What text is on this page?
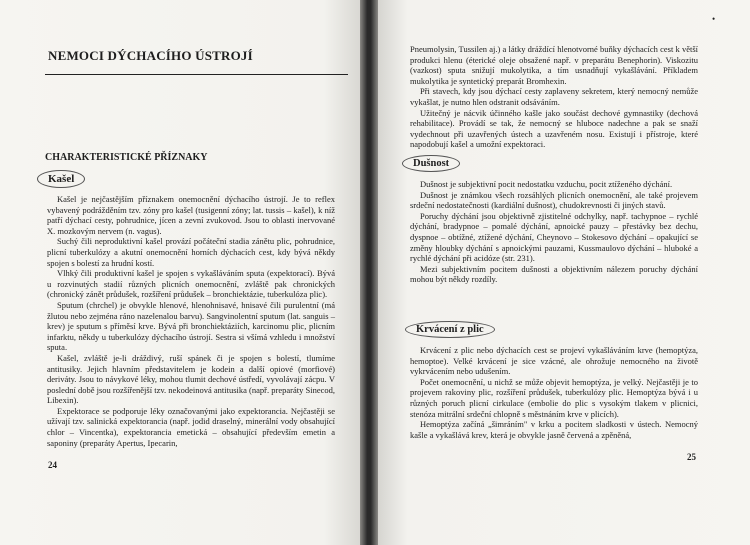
NEMOCI DÝCHACÍHO ÚSTROJÍ
CHARAKTERISTICKÉ PŘÍZNAKY
Kašel

Kašel je nejčastějším příznakem onemocnění dýchacího ústrojí. Je to reflex vybavený podrážděním tzv. zóny pro kašel (tusigenní zóny; lat. tussis – kašel), k níž patří dýchací cesty, pohrudnice, jícen a zevní zvukovod. Jsou to oblasti inervované X. mozkovým nervem (n. vagus).

Suchý čili neproduktivní kašel provází počáteční stadia zánětu plic, pohrudnice, plicní tuberkulózy a akutní onemocnění horních dýchacích cest, kdy bývá někdy spojen s bolestí za hrudní kostí.

Vlhký čili produktivní kašel je spojen s vykašláváním sputa (expektorací). Bývá u rozvinutých stadií různých plicních onemocnění, zvláště pak chronických (chronický zánět průdušek, rozšíření průdušek – bronchiektázie, tuberkulóza plic).

Sputum (chrchel) je obvykle hlenové, hlenohnisavé, hnisavé čili purulentní (má žlutou nebo zejména ráno nazelenalou barvu). Sangvinolentní sputum (lat. sanguis – krev) je sputum s příměsí krve. Bývá při bronchiektáziích, karcinomu plic, plicním infarktu, někdy u tuberkulózy dýchacího ústrojí. Sestra si všímá vzhledu i množství sputa.

Kašel, zvláště je-li dráždivý, ruší spánek či je spojen s bolestí, tlumíme antitusiky. Jejich hlavním představitelem je kodein a další opiové (morfiové) deriváty. Jsou to návykové léky, mohou tlumit dechové ústředí, vyvolávají zácpu. V poslední době jsou rozšířenější tzv. nekodeinová antitusika (např. preparáty Sinecod, Libexin).

Expektorace se podporuje léky označovanými jako expektorancia. Nejčastěji se užívají tzv. salinická expektorancia (např. jodid draselný, minerální vody obsahující chlor – Vincentka), expektorancia emetická – obsahující především emetin a saponiny (preparáty Apertus, Ipecarin,

24
•

Pneumolysin, Tussilen aj.) a látky dráždící hlenotvorné buňky dýchacích cest k větší produkci hlenu (éterické oleje obsažené např. v preparátu Benephorin). Viskozitu (vazkost) sputa snižují mukolytika, a tím usnadňují vykašlávání. Příkladem mukolytika je syntetický preparát Bromhexin.

Při stavech, kdy jsou dýchací cesty zaplaveny sekretem, který nemocný nemůže vykašlat, je nutno hlen odstranit odsáváním.

Užitečný je nácvik účinného kašle jako součást dechové gymnastiky (dechová rehabilitace). Provádí se tak, že nemocný se hluboce nadechne a pak se snaží vydechnout při uzavřených ústech a uzavřeném nosu. Existují i přístroje, které napodobují kašel a umožní expektoraci.

Dušnost

Dušnost je subjektivní pocit nedostatku vzduchu, pocit ztíženého dýchání.

Dušnost je známkou všech rozsáhlých plicních onemocnění, ale také projevem srdeční nedostatečnosti (kardiální dušnost), chudokrevnosti či jiných stavů.

Poruchy dýchání jsou objektivně zjistitelné odchylky, např. tachypnoe – rychlé dýchání, bradypnoe – pomalé dýchání, apnoické pauzy – přestávky bez dechu, dyspnoe – obtížné, ztížené dýchání, Cheynovo – Stokesovo dýchání – opakující se změny hloubky dýchání s apnoickými pauzami, Kussmaulovo dýchání – hluboké a rychlé dýchání při acidóze (str. 231).

Mezi subjektivním pocitem dušnosti a objektivním nálezem poruchy dýchání mohou být někdy rozdíly.

Krvácení z plic

Krvácení z plic nebo dýchacích cest se projeví vykašláváním krve (hemoptýza, hemoptoe). Velké krvácení je sice vzácné, ale ohrožuje nemocného na životě vykrvácením nebo udušením.

Počet onemocnění, u nichž se může objevit hemoptýza, je velký. Nejčastěji je to projevem rakoviny plic, rozšíření průdušek, tuberkulózy plic. Hemoptýza bývá i u různých poruch plicní cirkulace (embolie do plic s vysokým tlakem v plicnici, stenóza mitrální srdeční chlopně s městnáním krve v plicích).

Hemoptýza začíná „šimráním" v krku a pocitem sladkosti v ústech. Nemocný kašle a vykašlává krev, která je obvykle jasně červená a zpěněná,

25
